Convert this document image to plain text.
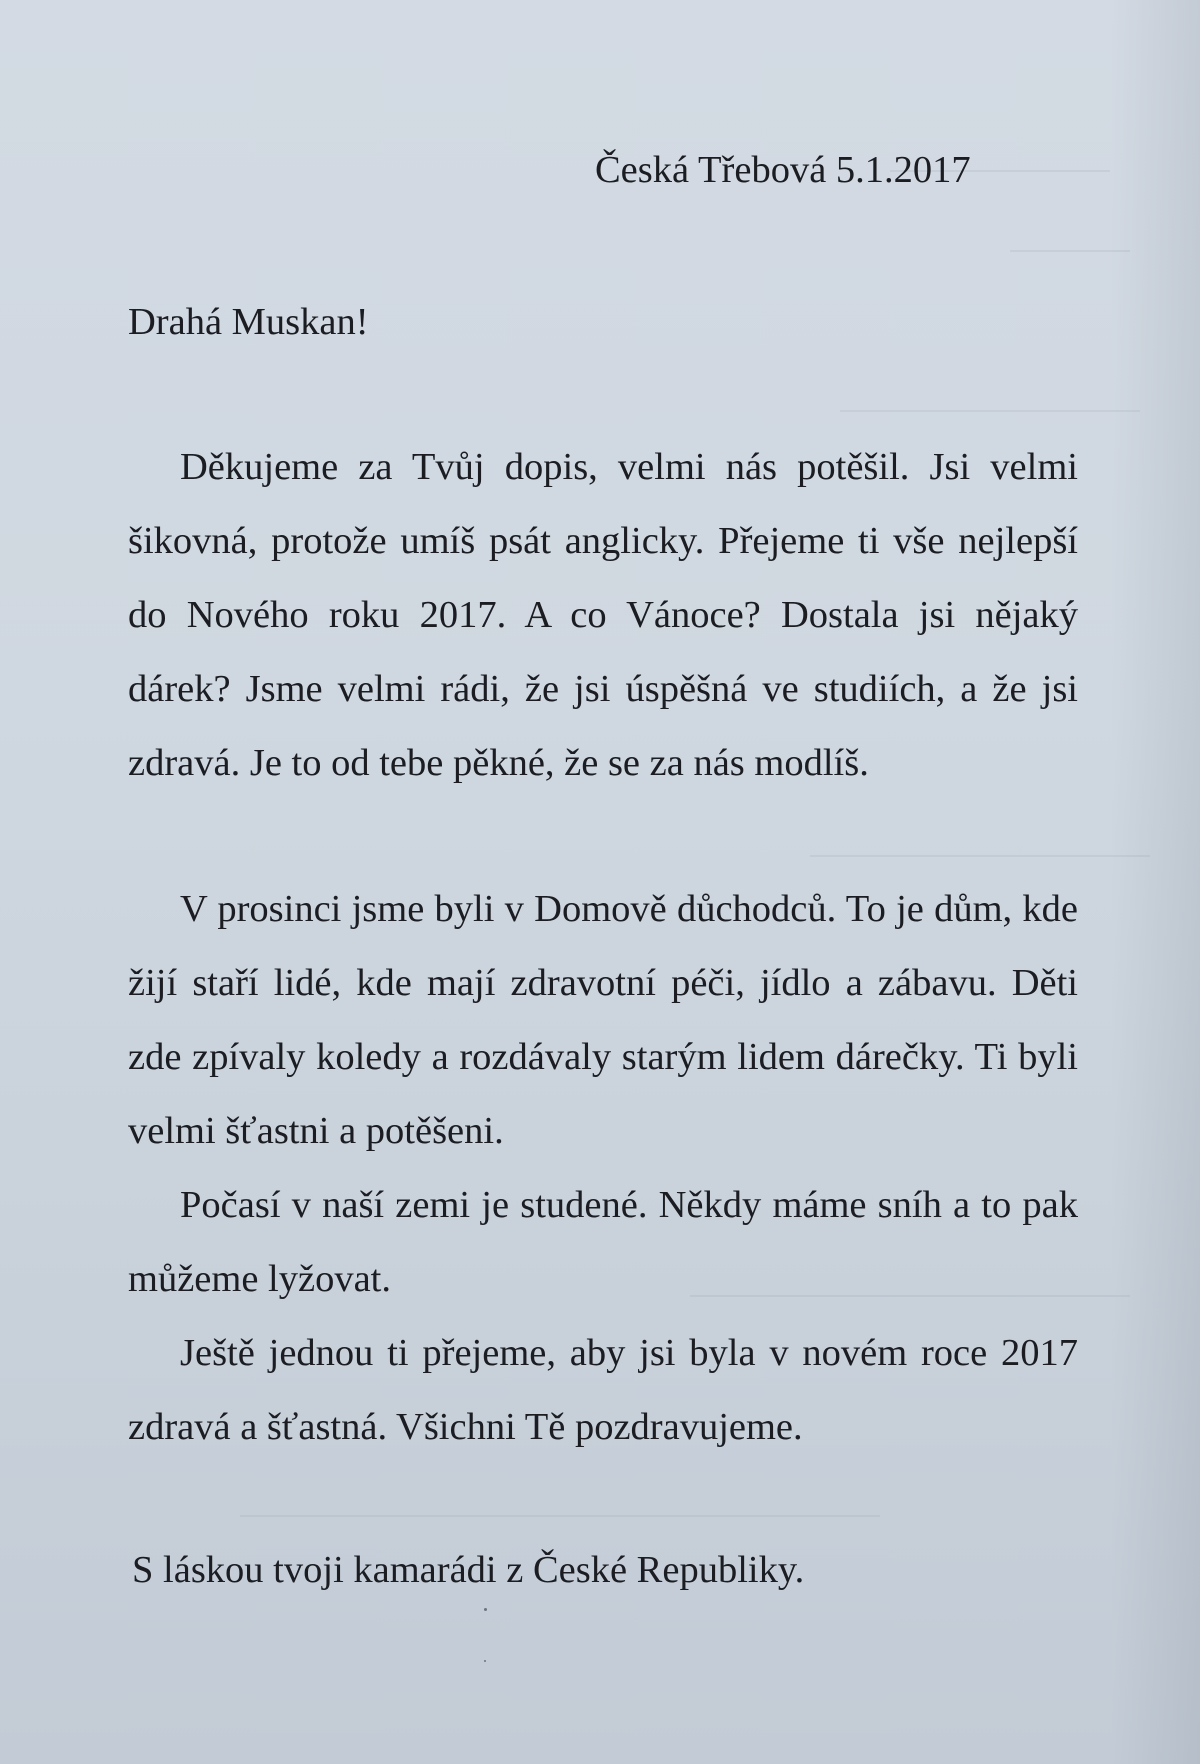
Česká Třebová 5.1.2017
Drahá Muskan!

Děkujeme za Tvůj dopis, velmi nás potěšil. Jsi velmi šikovná, protože umíš psát anglicky. Přejeme ti vše nejlepší do Nového roku 2017. A co Vánoce? Dostala jsi nějaký dárek? Jsme velmi rádi, že jsi úspěšná ve studiích, a že jsi zdravá. Je to od tebe pěkné, že se za nás modlíš.

V prosinci jsme byli v Domově důchodců. To je dům, kde žijí staří lidé, kde mají zdravotní péči, jídlo a zábavu. Děti zde zpívaly koledy a rozdávaly starým lidem dárečky. Ti byli velmi šťastni a potěšeni.

Počasí v naší zemi je studené. Někdy máme sníh a to pak můžeme lyžovat.

Ještě jednou ti přejeme, aby jsi byla v novém roce 2017 zdravá a šťastná. Všichni Tě pozdravujeme.

S láskou tvoji kamarádi z České Republiky.
